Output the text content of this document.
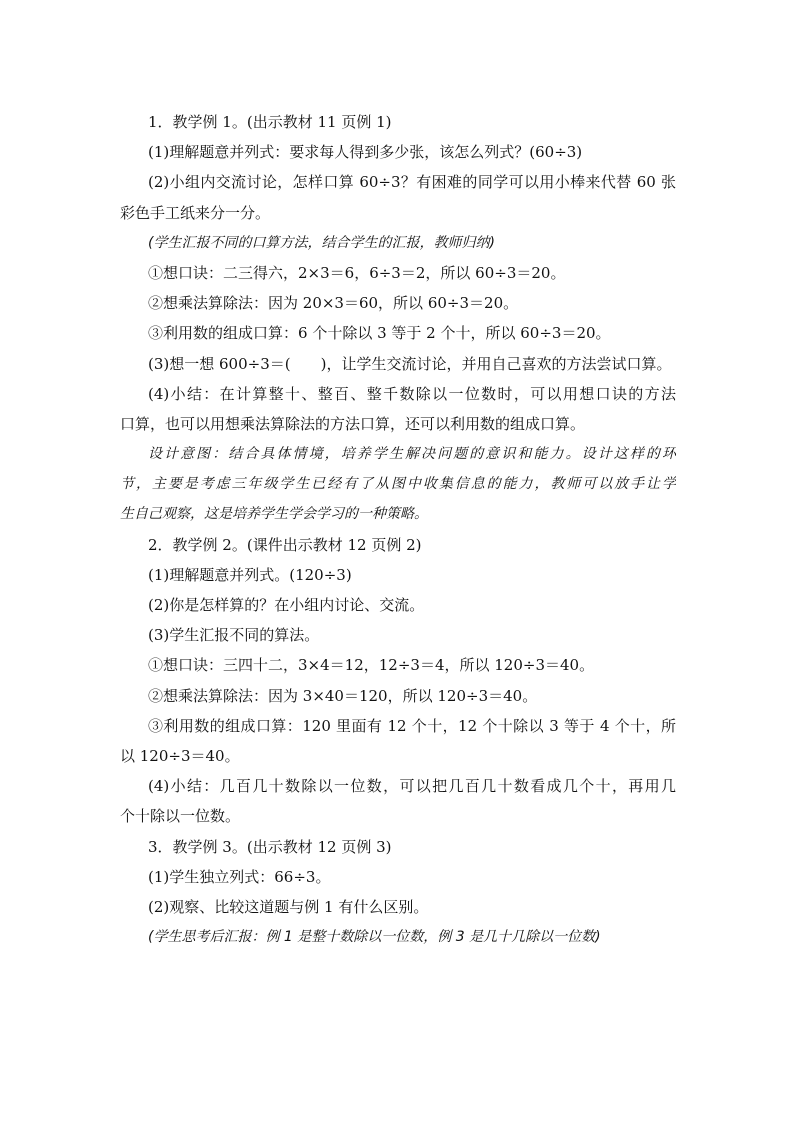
1．教学例 1。(出示教材 11 页例 1)
(1)理解题意并列式：要求每人得到多少张，该怎么列式？(60÷3)
(2)小组内交流讨论，怎样口算 60÷3？有困难的同学可以用小棒来代替 60 张
彩色手工纸来分一分。
(学生汇报不同的口算方法，结合学生的汇报，教师归纳)
①想口诀：二三得六，2×3＝6，6÷3＝2，所以 60÷3＝20。
②想乘法算除法：因为 20×3＝60，所以 60÷3＝20。
③利用数的组成口算：6 个十除以 3 等于 2 个十，所以 60÷3＝20。
(3)想一想 600÷3＝(　　)，让学生交流讨论，并用自己喜欢的方法尝试口算。
(4)小结：在计算整十、整百、整千数除以一位数时，可以用想口诀的方法
口算，也可以用想乘法算除法的方法口算，还可以利用数的组成口算。
设计意图：结合具体情境，培养学生解决问题的意识和能力。设计这样的环
节，主要是考虑三年级学生已经有了从图中收集信息的能力，教师可以放手让学
生自己观察，这是培养学生学会学习的一种策略。
2．教学例 2。(课件出示教材 12 页例 2)
(1)理解题意并列式。(120÷3)
(2)你是怎样算的？在小组内讨论、交流。
(3)学生汇报不同的算法。
①想口诀：三四十二，3×4＝12，12÷3＝4，所以 120÷3＝40。
②想乘法算除法：因为 3×40＝120，所以 120÷3＝40。
③利用数的组成口算：120 里面有 12 个十，12 个十除以 3 等于 4 个十，所
以 120÷3＝40。
(4)小结：几百几十数除以一位数，可以把几百几十数看成几个十，再用几
个十除以一位数。
3．教学例 3。(出示教材 12 页例 3)
(1)学生独立列式：66÷3。
(2)观察、比较这道题与例 1 有什么区别。
(学生思考后汇报：例 1 是整十数除以一位数，例 3 是几十几除以一位数)
